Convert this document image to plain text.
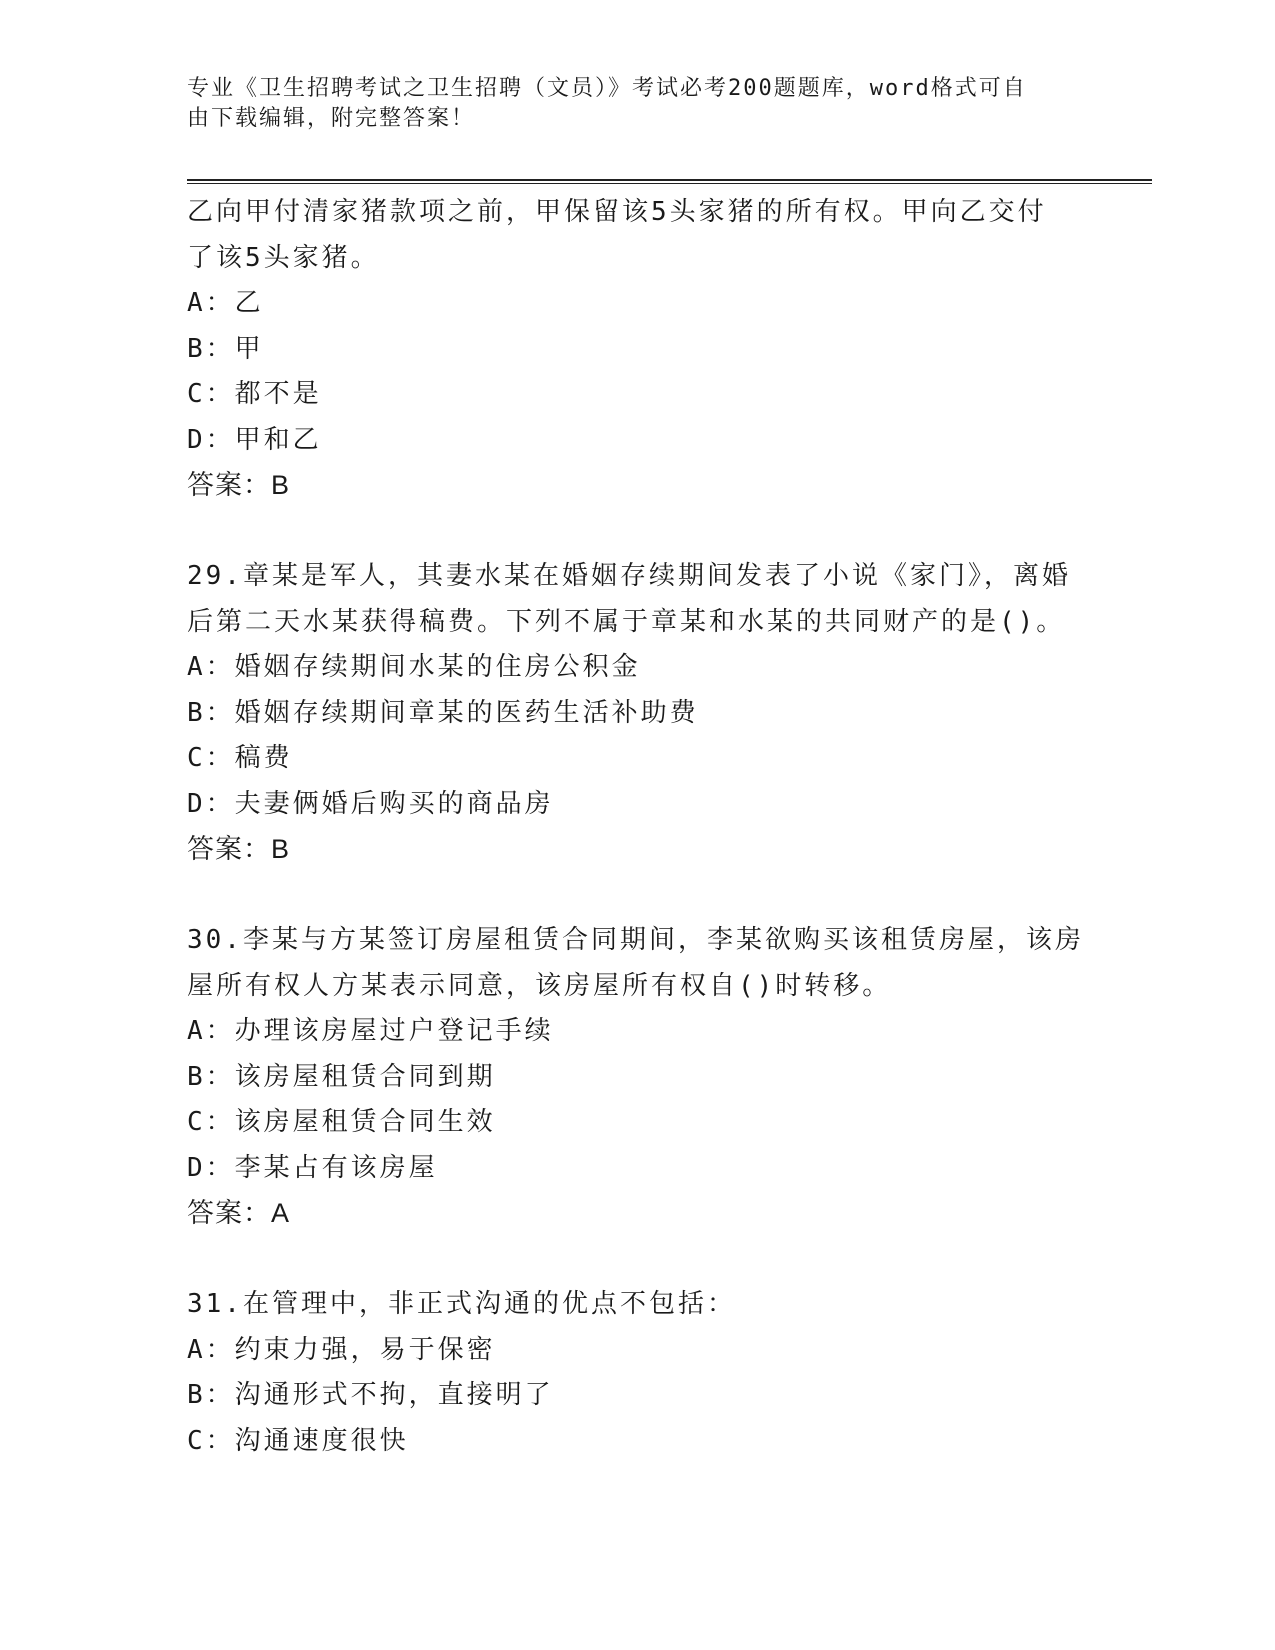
专业《卫生招聘考试之卫生招聘（文员）》考试必考200题题库，word格式可自
由下载编辑，附完整答案！
乙向甲付清家猪款项之前，甲保留该5头家猪的所有权。甲向乙交付
了该5头家猪。
A：乙
B：甲
C：都不是
D：甲和乙
答案：B
29.章某是军人，其妻水某在婚姻存续期间发表了小说《家门》，离婚
后第二天水某获得稿费。下列不属于章某和水某的共同财产的是()。
A：婚姻存续期间水某的住房公积金
B：婚姻存续期间章某的医药生活补助费
C：稿费
D：夫妻俩婚后购买的商品房
答案：B
30.李某与方某签订房屋租赁合同期间，李某欲购买该租赁房屋，该房
屋所有权人方某表示同意，该房屋所有权自()时转移。
A：办理该房屋过户登记手续
B：该房屋租赁合同到期
C：该房屋租赁合同生效
D：李某占有该房屋
答案：A
31.在管理中，非正式沟通的优点不包括：
A：约束力强，易于保密
B：沟通形式不拘，直接明了
C：沟通速度很快
